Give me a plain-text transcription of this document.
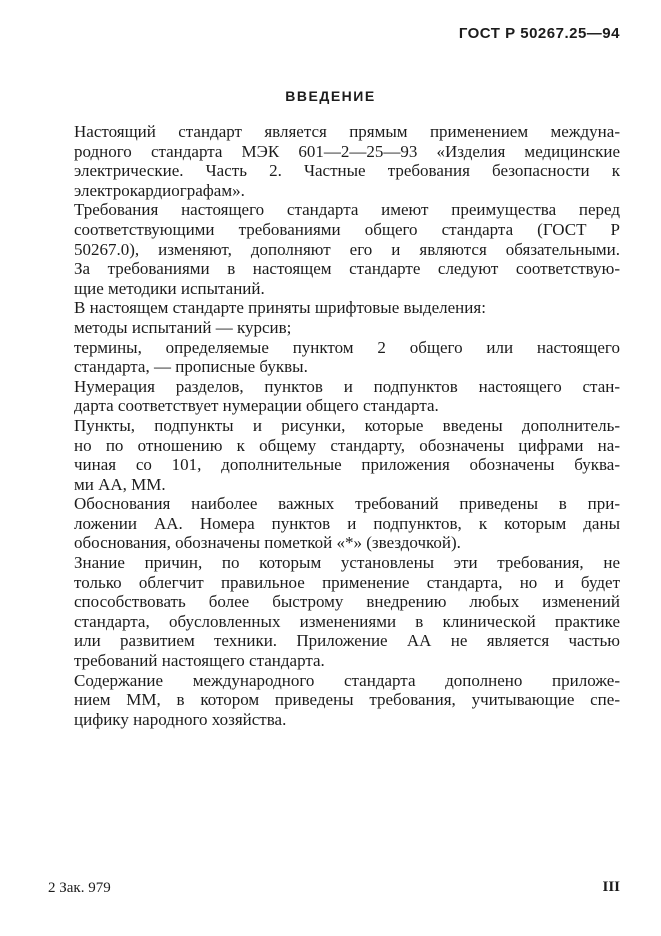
ГОСТ Р 50267.25—94

ВВЕДЕНИЕ

Настоящий стандарт является прямым применением междуна-
родного стандарта МЭК 601—2—25—93 «Изделия медицинские
электрические. Часть 2. Частные требования безопасности к
электрокардиографам».

Требования настоящего стандарта имеют преимущества перед
соответствующими требованиями общего стандарта (ГОСТ Р
50267.0), изменяют, дополняют его и являются обязательными.
За требованиями в настоящем стандарте следуют соответствую-
щие методики испытаний.

В настоящем стандарте приняты шрифтовые выделения:

методы испытаний — курсив;

термины, определяемые пунктом 2 общего или настоящего
стандарта, — прописные буквы.

Нумерация разделов, пунктов и подпунктов настоящего стан-
дарта соответствует нумерации общего стандарта.

Пункты, подпункты и рисунки, которые введены дополнитель-
но по отношению к общему стандарту, обозначены цифрами на-
чиная со 101, дополнительные приложения обозначены буква-
ми АА, ММ.

Обоснования наиболее важных требований приведены в при-
ложении АА. Номера пунктов и подпунктов, к которым даны
обоснования, обозначены пометкой «*» (звездочкой).

Знание причин, по которым установлены эти требования, не
только облегчит правильное применение стандарта, но и будет
способствовать более быстрому внедрению любых изменений
стандарта, обусловленных изменениями в клинической практике
или развитием техники. Приложение АА не является частью
требований настоящего стандарта.

Содержание международного стандарта дополнено приложе-
нием ММ, в котором приведены требования, учитывающие спе-
цифику народного хозяйства.

2 Зак. 979	III
